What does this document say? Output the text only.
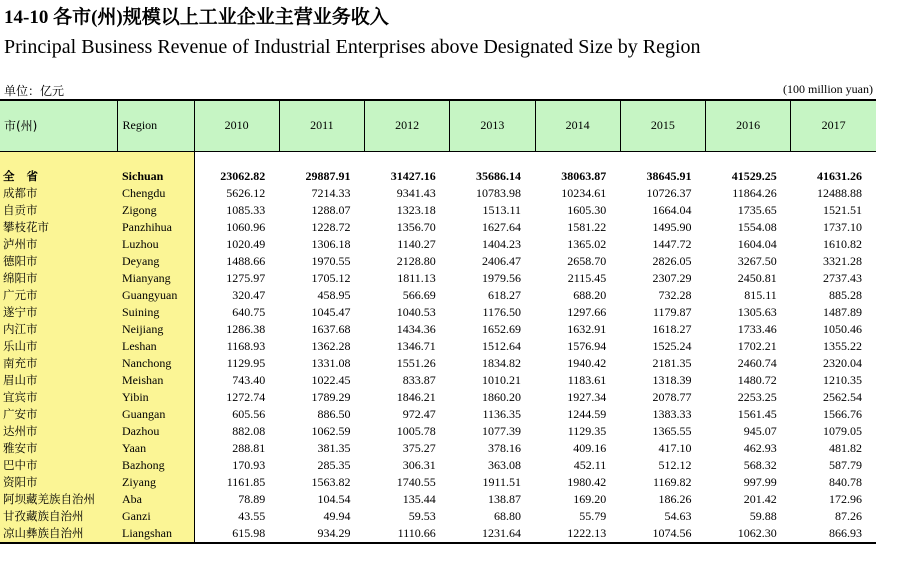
14-10 各市(州)规模以上工业企业主营业务收入
Principal Business Revenue of Industrial Enterprises above Designated Size by Region
单位：亿元	(100 million yuan)
市(州)	Region	2010	2011	2012	2013	2014	2015	2016	2017

全 省	Sichuan	23062.82	29887.91	31427.16	35686.14	38063.87	38645.91	41529.25	41631.26
成都市	Chengdu	5626.12	7214.33	9341.43	10783.98	10234.61	10726.37	11864.26	12488.88
自贡市	Zigong	1085.33	1288.07	1323.18	1513.11	1605.30	1664.04	1735.65	1521.51
攀枝花市	Panzhihua	1060.96	1228.72	1356.70	1627.64	1581.22	1495.90	1554.08	1737.10
泸州市	Luzhou	1020.49	1306.18	1140.27	1404.23	1365.02	1447.72	1604.04	1610.82
德阳市	Deyang	1488.66	1970.55	2128.80	2406.47	2658.70	2826.05	3267.50	3321.28
绵阳市	Mianyang	1275.97	1705.12	1811.13	1979.56	2115.45	2307.29	2450.81	2737.43
广元市	Guangyuan	320.47	458.95	566.69	618.27	688.20	732.28	815.11	885.28
遂宁市	Suining	640.75	1045.47	1040.53	1176.50	1297.66	1179.87	1305.63	1487.89
内江市	Neijiang	1286.38	1637.68	1434.36	1652.69	1632.91	1618.27	1733.46	1050.46
乐山市	Leshan	1168.93	1362.28	1346.71	1512.64	1576.94	1525.24	1702.21	1355.22
南充市	Nanchong	1129.95	1331.08	1551.26	1834.82	1940.42	2181.35	2460.74	2320.04
眉山市	Meishan	743.40	1022.45	833.87	1010.21	1183.61	1318.39	1480.72	1210.35
宜宾市	Yibin	1272.74	1789.29	1846.21	1860.20	1927.34	2078.77	2253.25	2562.54
广安市	Guangan	605.56	886.50	972.47	1136.35	1244.59	1383.33	1561.45	1566.76
达州市	Dazhou	882.08	1062.59	1005.78	1077.39	1129.35	1365.55	945.07	1079.05
雅安市	Yaan	288.81	381.35	375.27	378.16	409.16	417.10	462.93	481.82
巴中市	Bazhong	170.93	285.35	306.31	363.08	452.11	512.12	568.32	587.79
资阳市	Ziyang	1161.85	1563.82	1740.55	1911.51	1980.42	1169.82	997.99	840.78
阿坝藏羌族自治州	Aba	78.89	104.54	135.44	138.87	169.20	186.26	201.42	172.96
甘孜藏族自治州	Ganzi	43.55	49.94	59.53	68.80	55.79	54.63	59.88	87.26
凉山彝族自治州	Liangshan	615.98	934.29	1110.66	1231.64	1222.13	1074.56	1062.30	866.93
